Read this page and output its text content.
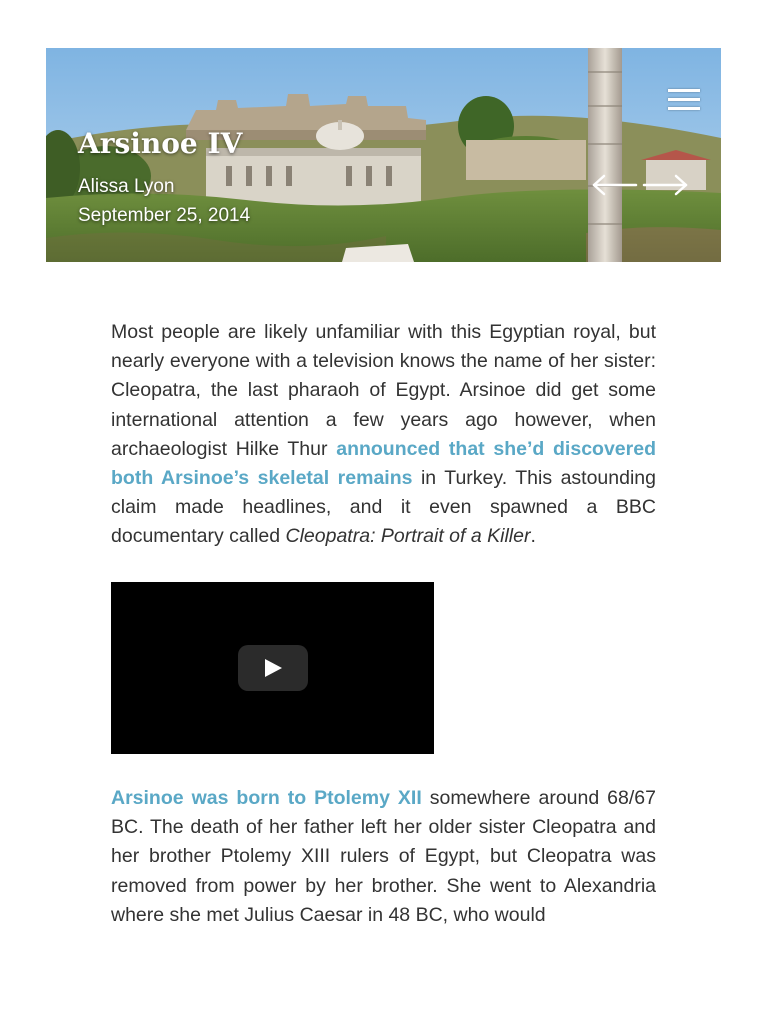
Arsinoe IV
Alissa Lyon
September 25, 2014

Most people are likely unfamiliar with this Egyptian royal, but nearly everyone with a television knows the name of her sister: Cleopatra, the last pharaoh of Egypt. Arsinoe did get some international attention a few years ago however, when archaeologist Hilke Thur announced that she’d discovered both Arsinoe’s skeletal remains in Turkey. This astounding claim made headlines, and it even spawned a BBC documentary called Cleopatra: Portrait of a Killer.

Arsinoe was born to Ptolemy XII somewhere around 68/67 BC. The death of her father left her older sister Cleopatra and her brother Ptolemy XIII rulers of Egypt, but Cleopatra was removed from power by her brother. She went to Alexandria where she met Julius Caesar in 48 BC, who would
